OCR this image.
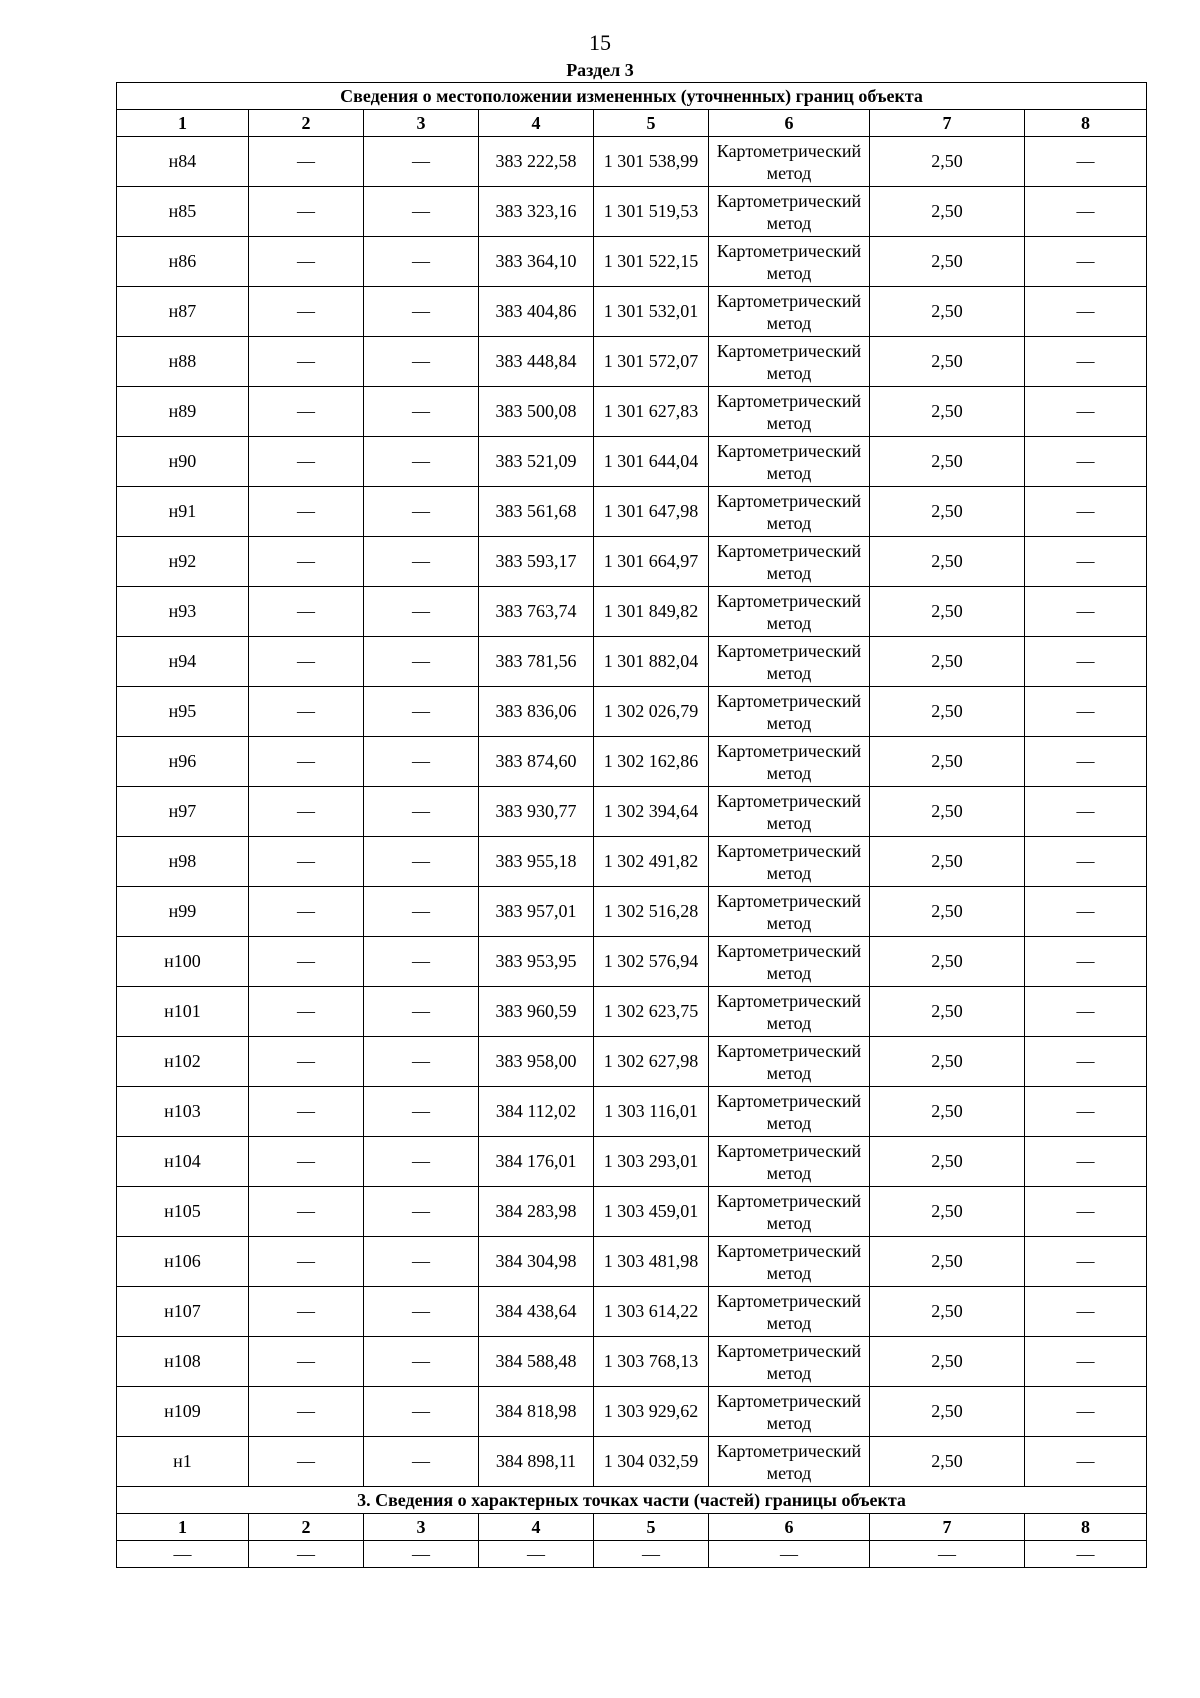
15
Раздел 3
Сведения о местоположении измененных (уточненных) границ объекта							
1	2	3	4	5	6	7	8
н84	—	—	383 222,58	1 301 538,99	Картометрический метод	2,50	—
н85	—	—	383 323,16	1 301 519,53	Картометрический метод	2,50	—
н86	—	—	383 364,10	1 301 522,15	Картометрический метод	2,50	—
н87	—	—	383 404,86	1 301 532,01	Картометрический метод	2,50	—
н88	—	—	383 448,84	1 301 572,07	Картометрический метод	2,50	—
н89	—	—	383 500,08	1 301 627,83	Картометрический метод	2,50	—
н90	—	—	383 521,09	1 301 644,04	Картометрический метод	2,50	—
н91	—	—	383 561,68	1 301 647,98	Картометрический метод	2,50	—
н92	—	—	383 593,17	1 301 664,97	Картометрический метод	2,50	—
н93	—	—	383 763,74	1 301 849,82	Картометрический метод	2,50	—
н94	—	—	383 781,56	1 301 882,04	Картометрический метод	2,50	—
н95	—	—	383 836,06	1 302 026,79	Картометрический метод	2,50	—
н96	—	—	383 874,60	1 302 162,86	Картометрический метод	2,50	—
н97	—	—	383 930,77	1 302 394,64	Картометрический метод	2,50	—
н98	—	—	383 955,18	1 302 491,82	Картометрический метод	2,50	—
н99	—	—	383 957,01	1 302 516,28	Картометрический метод	2,50	—
н100	—	—	383 953,95	1 302 576,94	Картометрический метод	2,50	—
н101	—	—	383 960,59	1 302 623,75	Картометрический метод	2,50	—
н102	—	—	383 958,00	1 302 627,98	Картометрический метод	2,50	—
н103	—	—	384 112,02	1 303 116,01	Картометрический метод	2,50	—
н104	—	—	384 176,01	1 303 293,01	Картометрический метод	2,50	—
н105	—	—	384 283,98	1 303 459,01	Картометрический метод	2,50	—
н106	—	—	384 304,98	1 303 481,98	Картометрический метод	2,50	—
н107	—	—	384 438,64	1 303 614,22	Картометрический метод	2,50	—
н108	—	—	384 588,48	1 303 768,13	Картометрический метод	2,50	—
н109	—	—	384 818,98	1 303 929,62	Картометрический метод	2,50	—
н1	—	—	384 898,11	1 304 032,59	Картометрический метод	2,50	—
3. Сведения о характерных точках части (частей) границы объекта							
1	2	3	4	5	6	7	8
—	—	—	—	—	—	—	—
